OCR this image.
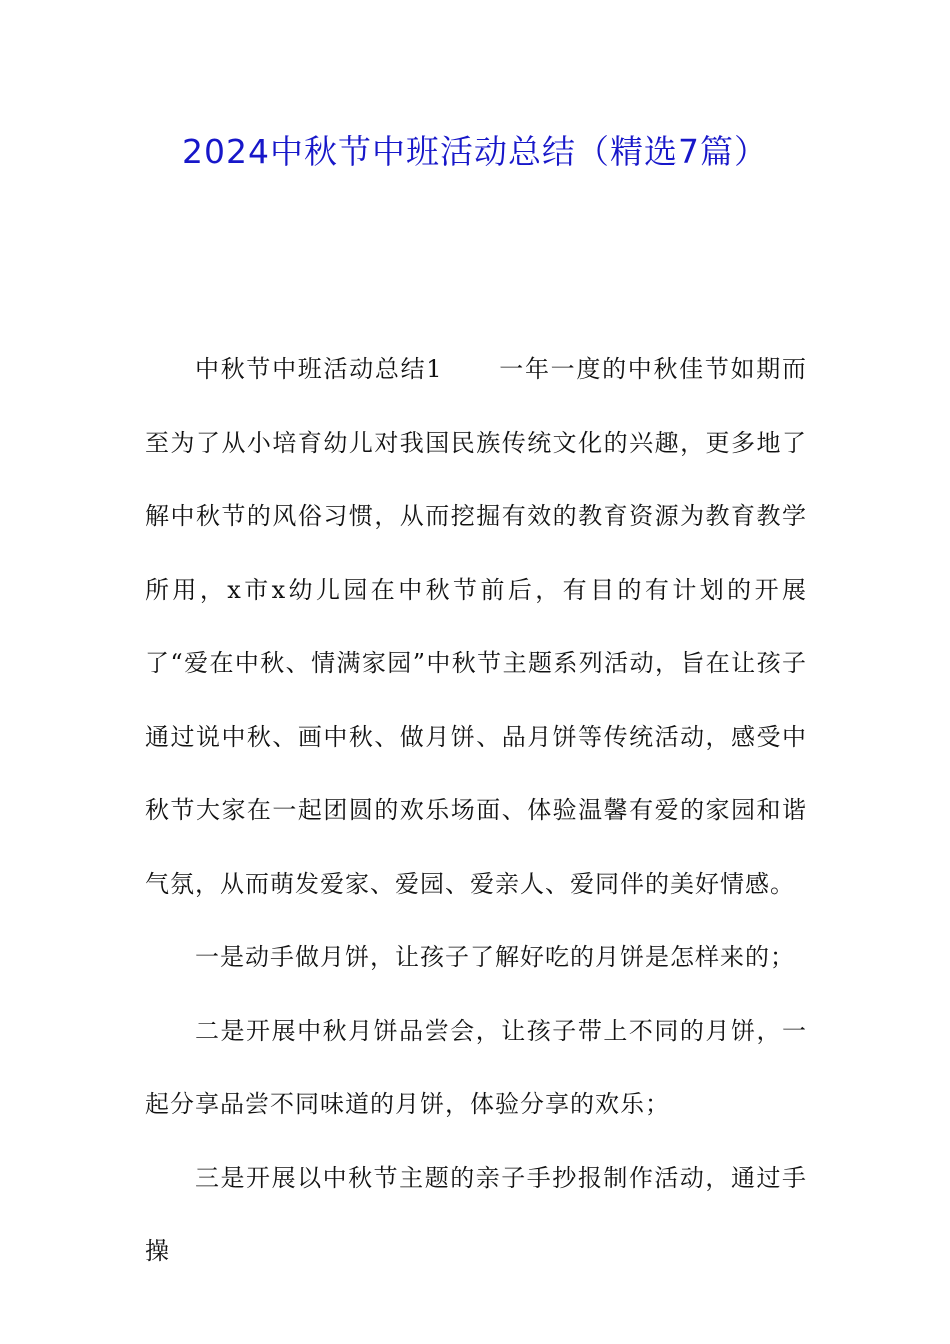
2024中秋节中班活动总结（精选7篇）

中秋节中班活动总结1 一年一度的中秋佳节如期而至为了从小培育幼儿对我国民族传统文化的兴趣，更多地了解中秋节的风俗习惯，从而挖掘有效的教育资源为教育教学所用，x市x幼儿园在中秋节前后，有目的有计划的开展了“爱在中秋、情满家园”中秋节主题系列活动，旨在让孩子通过说中秋、画中秋、做月饼、品月饼等传统活动，感受中秋节大家在一起团圆的欢乐场面、体验温馨有爱的家园和谐气氛，从而萌发爱家、爱园、爱亲人、爱同伴的美好情感。

一是动手做月饼，让孩子了解好吃的月饼是怎样来的；

二是开展中秋月饼品尝会，让孩子带上不同的月饼，一起分享品尝不同味道的月饼，体验分享的欢乐；

三是开展以中秋节主题的亲子手抄报制作活动，通过手操
